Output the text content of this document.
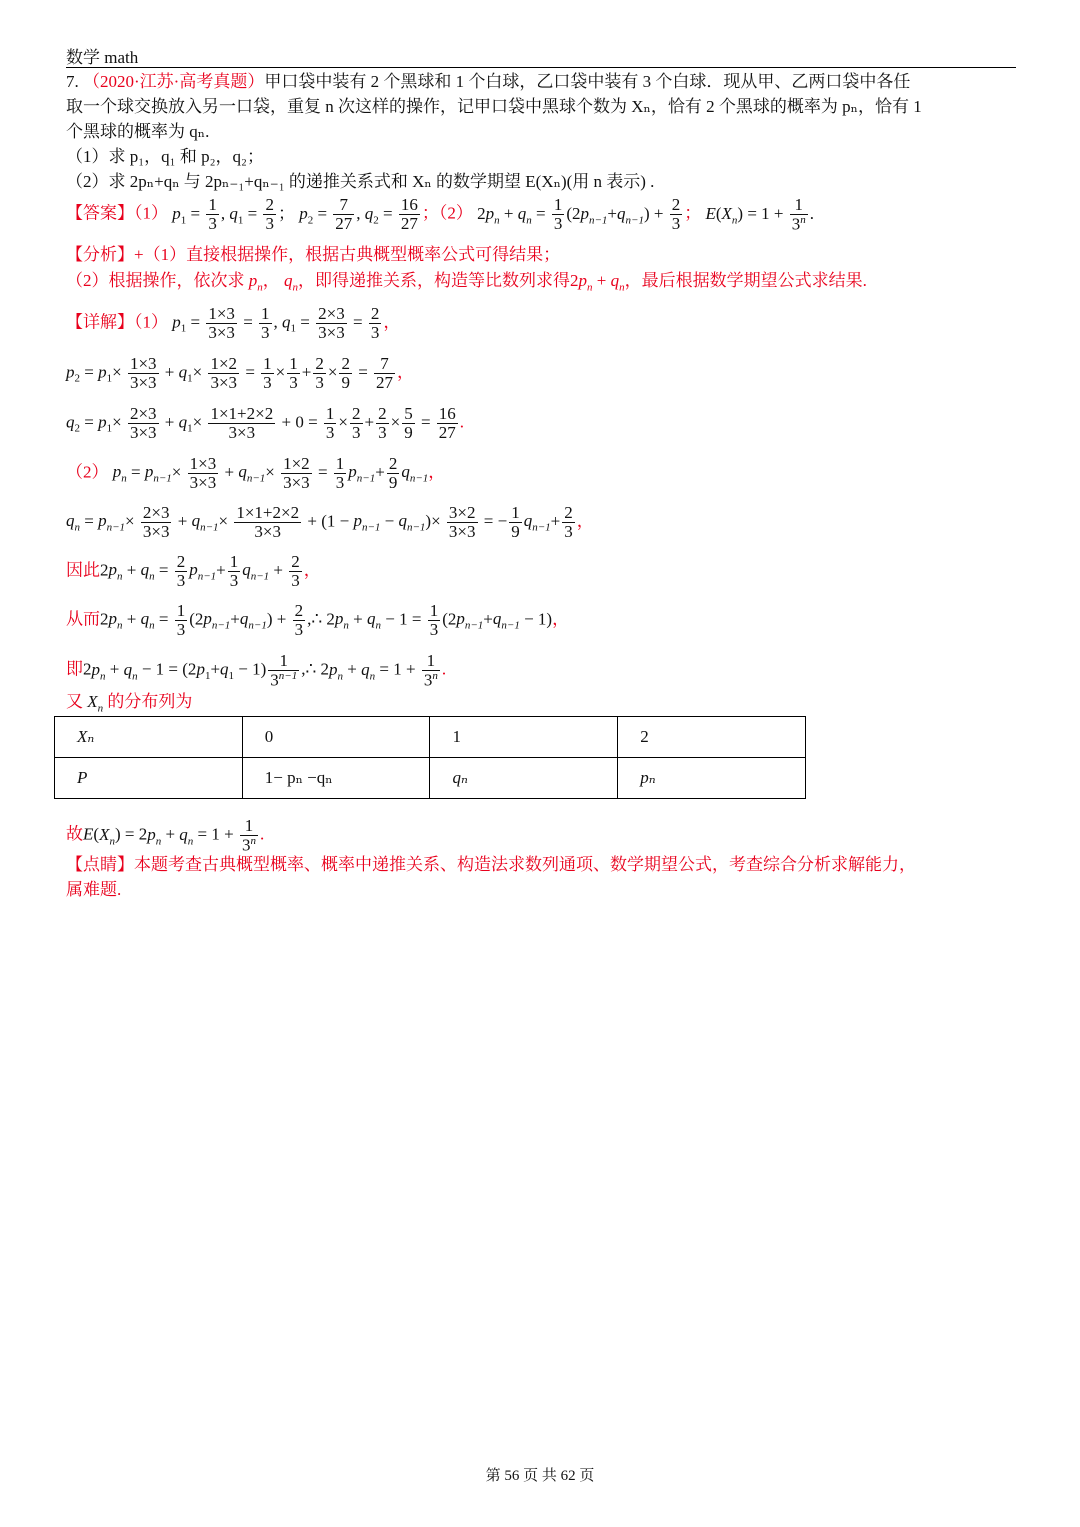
数学 math
7. （2020·江苏·高考真题）甲口袋中装有 2 个黑球和 1 个白球，乙口袋中装有 3 个白球．现从甲、乙两口袋中各任
取一个球交换放入另一口袋，重复 n 次这样的操作，记甲口袋中黑球个数为 Xₙ，恰有 2 个黑球的概率为 pₙ，恰有 1
个黑球的概率为 qₙ.
（1）求 p₁，q₁ 和 p₂，q₂；
（2）求 2pₙ+qₙ 与 2pₙ₋₁+qₙ₋₁ 的递推关系式和 Xₙ 的数学期望 E(Xₙ)(用 n 表示) .
【答案】（1） $p_1 = \frac{1}{3}$ , $q_1 = \frac{2}{3}$ ； $p_2 = \frac{7}{27}$ , $q_2 = \frac{16}{27}$ ；（2） $2p_n + q_n = \frac{1}{3} (2p_{n-1}+q_{n-1}) + \frac{2}{3}$ ； $E(X_n) = 1 + \frac{1}{3^n}$ .
【分析】+（1）直接根据操作，根据古典概型概率公式可得结果；
（2）根据操作，依次求 $p_n$， $q_n$，即得递推关系，构造等比数列求得$2p_n + q_n$，最后根据数学期望公式求结果.
【详解】（1） $p_1 = \frac{1\times 3}{3\times 3} = \frac{1}{3}$ , $q_1 = \frac{2\times 3}{3\times 3} = \frac{2}{3}$ ，
$p_2 = p_1\times \frac{1\times 3}{3\times 3} + q_1\times \frac{1\times 2}{3\times 3} = \frac{1}{3} \times \frac{1}{3} + \frac{2}{3} \times \frac{2}{9} = \frac{7}{27}$ ，
$q_2 = p_1\times \frac{2\times 3}{3\times 3} + q_1\times \frac{1\times 1+2\times 2}{3\times 3} + 0 = \frac{1}{3} \times \frac{2}{3} + \frac{2}{3} \times \frac{5}{9} = \frac{16}{27}$ .
（2） $p_n = p_{n-1}\times \frac{1\times 3}{3\times 3} + q_{n-1}\times \frac{1\times 2}{3\times 3} = \frac{1}{3} p_{n-1}+ \frac{2}{9} q_{n-1}$，
$q_n = p_{n-1}\times \frac{2\times 3}{3\times 3} + q_{n-1}\times \frac{1\times 1+2\times 2}{3\times 3} + (1 - p_{n-1} - q_{n-1})\times \frac{3\times 2}{3\times 3}$ = − $\frac{1}{9} q_{n-1}+ \frac{2}{3}$ ，
因此$2p_n + q_n = \frac{2}{3} p_{n-1}+ \frac{1}{3} q_{n-1} + \frac{2}{3}$ ，
从而$2p_n + q_n = \frac{1}{3} (2p_{n-1}+q_{n-1}) + \frac{2}{3}$ ,∴ $2p_n + q_n - 1 = \frac{1}{3} (2p_{n-1}+q_{n-1} - 1)$，
即$2p_n + q_n - 1 = (2p_1+q_1 - 1) \frac{1}{3^{n-1}}$ ,∴ $2p_n + q_n = 1 + \frac{1}{3^n}$ .
又 $X_n$ 的分布列为
Xₙ	0	1	2
P	1− pₙ −qₙ	qₙ	pₙ
故$E(X_n) = 2p_n + q_n = 1 + \frac{1}{3^n}$ .
【点睛】本题考查古典概型概率、概率中递推关系、构造法求数列通项、数学期望公式，考查综合分析求解能力，
属难题.
第 56 页 共 62 页
